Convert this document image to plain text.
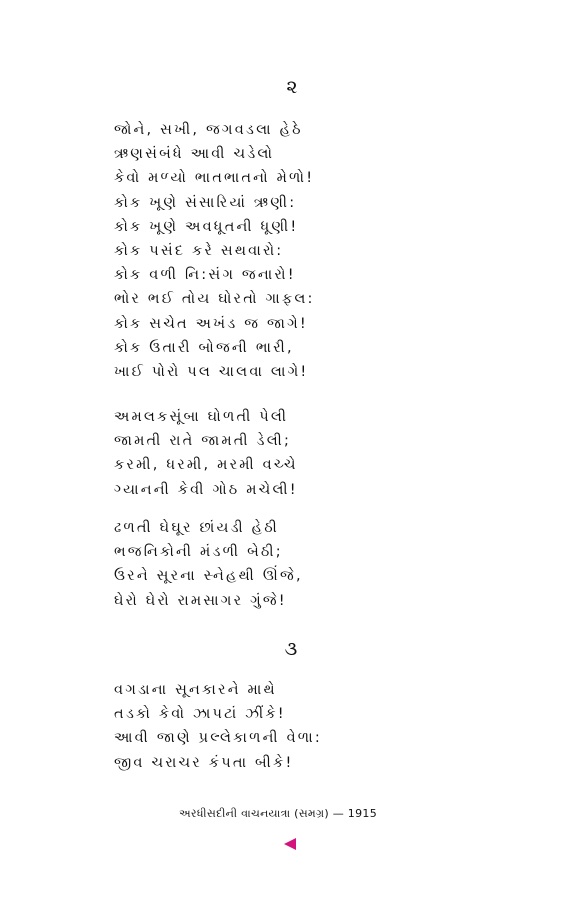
૨
જોને, સખી, જગવડલા હેઠે
ઋણસંબંધે આવી ચડેલો
કેવો મળ્યો ભાતભાતનો મેળો!
કોક ખૂણે સંસારિયાં ઋણી:
કોક ખૂણે અવધૂતની ધૂણી!
કોક પસંદ કરે સથવારો:
કોક વળી નિ:સંગ જનારો!
ભોર ભઈ તોય ઘોરતો ગાફલ:
કોક સચેત અખંડ જ જાગે!
કોક ઉતારી બોજની ભારી,
ખાઈ પોરો પલ ચાલવા લાગે!
અમલકસૂંબા ઘોળતી પેલી
જામતી રાતે જામતી ડેલી;
કરમી, ધરમી, મરમી વચ્ચે
ગ્યાનની કેવી ગોઠ મચેલી!
ઢળતી ઘેઘૂર છાંયડી હેઠી
ભજનિકોની મંડળી બેઠી;
ઉરને સૂરના સ્નેહથી ઊંજે,
ઘેરો ઘેરો રામસાગર ગુંજે!
૩
વગડાના સૂનકારને માથે
તડકો કેવો ઝાપટાં ઝીંકે!
આવી જાણે પ્રલ્લેકાળની વેળા:
જીવ ચરાચર કંપતા બીકે!
અરધીસદીની વાચનયાત્રા (સમગ્ર) — 1915
